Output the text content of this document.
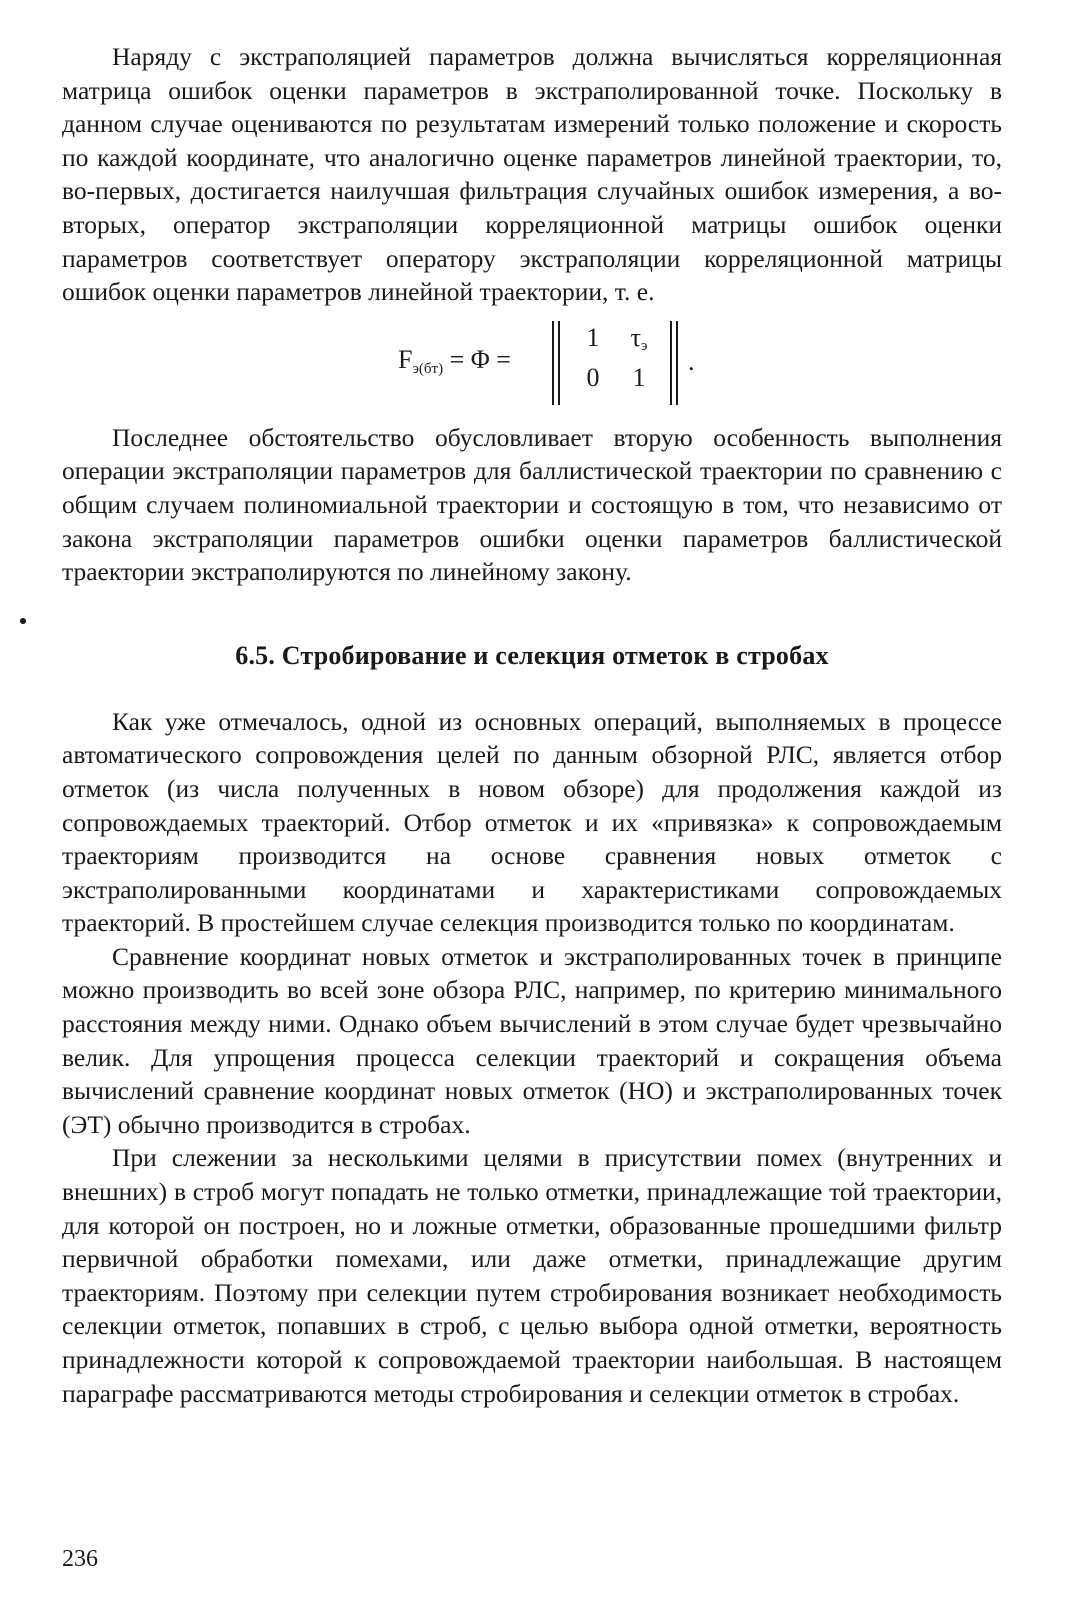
Наряду с экстраполяцией параметров должна вычисляться корреляционная матрица ошибок оценки параметров в экстраполированной точке. Поскольку в данном случае оцениваются по результатам измерений только положение и скорость по каждой координате, что аналогично оценке параметров линейной траектории, то, во-первых, достигается наилучшая фильтрация случайных ошибок измерения, а во-вторых, оператор экстраполяции корреляционной матрицы ошибок оценки параметров соответствует оператору экстраполяции корреляционной матрицы ошибок оценки параметров линейной траектории, т. е.

$F_{э(бт)} = \Phi$ =
1	$\tau_э$
0	1
.

Последнее обстоятельство обусловливает вторую особенность выполнения операции экстраполяции параметров для баллистической траектории по сравнению с общим случаем полиномиальной траектории и состоящую в том, что независимо от закона экстраполяции параметров ошибки оценки параметров баллистической траектории экстраполируются по линейному закону.

6.5. Стробирование и селекция отметок в стробах

Как уже отмечалось, одной из основных операций, выполняемых в процессе автоматического сопровождения целей по данным обзорной РЛС, является отбор отметок (из числа полученных в новом обзоре) для продолжения каждой из сопровождаемых траекторий. Отбор отметок и их «привязка» к сопровождаемым траекториям производится на основе сравнения новых отметок с экстраполированными координатами и характеристиками сопровождаемых траекторий. В простейшем случае селекция производится только по координатам.

Сравнение координат новых отметок и экстраполированных точек в принципе можно производить во всей зоне обзора РЛС, например, по критерию минимального расстояния между ними. Однако объем вычислений в этом случае будет чрезвычайно велик. Для упрощения процесса селекции траекторий и сокращения объема вычислений сравнение координат новых отметок (НО) и экстраполированных точек (ЭТ) обычно производится в стробах.

При слежении за несколькими целями в присутствии помех (внутренних и внешних) в строб могут попадать не только отметки, принадлежащие той траектории, для которой он построен, но и ложные отметки, образованные прошедшими фильтр первичной обработки помехами, или даже отметки, принадлежащие другим траекториям. Поэтому при селекции путем стробирования возникает необходимость селекции отметок, попавших в строб, с целью выбора одной отметки, вероятность принадлежности которой к сопровождаемой траектории наибольшая. В настоящем параграфе рассматриваются методы стробирования и селекции отметок в стробах.

236
